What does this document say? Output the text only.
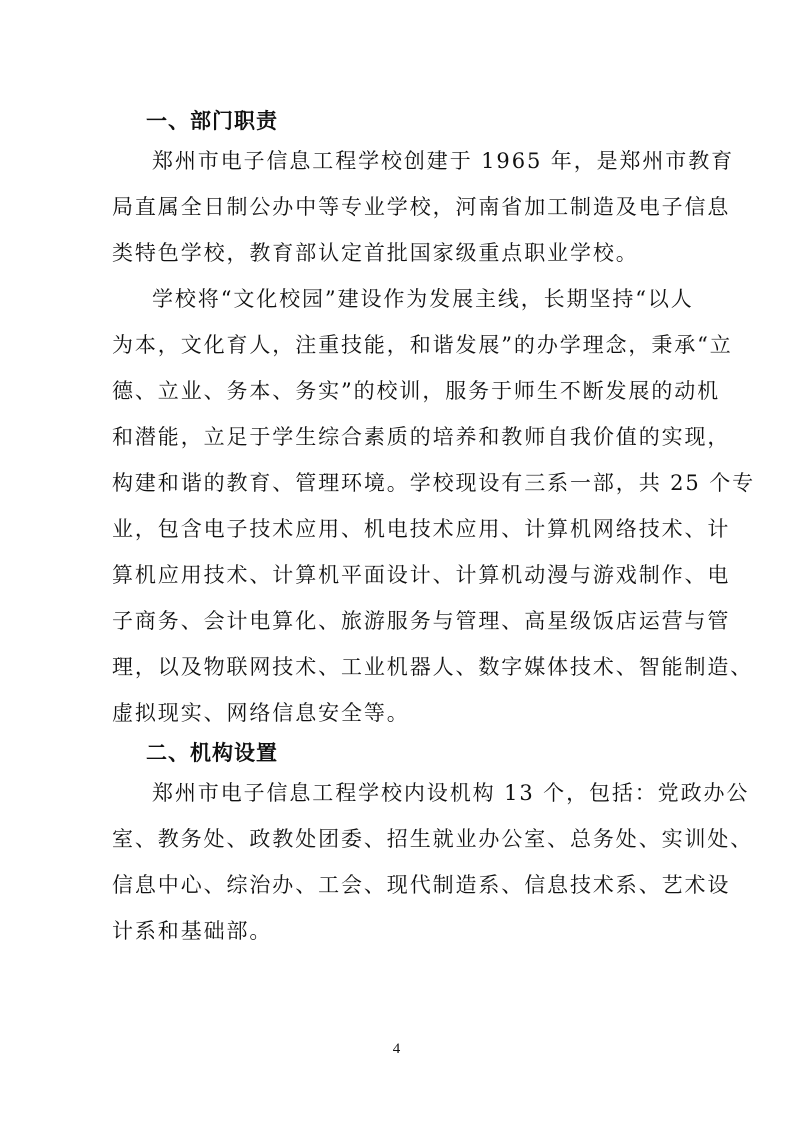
一、部门职责
郑州市电子信息工程学校创建于 1965 年，是郑州市教育
局直属全日制公办中等专业学校，河南省加工制造及电子信息
类特色学校，教育部认定首批国家级重点职业学校。
学校将“文化校园”建设作为发展主线，长期坚持“以人
为本，文化育人，注重技能，和谐发展”的办学理念，秉承“立
德、立业、务本、务实”的校训，服务于师生不断发展的动机
和潜能，立足于学生综合素质的培养和教师自我价值的实现，
构建和谐的教育、管理环境。学校现设有三系一部，共 25 个专
业，包含电子技术应用、机电技术应用、计算机网络技术、计
算机应用技术、计算机平面设计、计算机动漫与游戏制作、电
子商务、会计电算化、旅游服务与管理、高星级饭店运营与管
理，以及物联网技术、工业机器人、数字媒体技术、智能制造、
虚拟现实、网络信息安全等。
二、机构设置
郑州市电子信息工程学校内设机构 13 个，包括：党政办公
室、教务处、政教处团委、招生就业办公室、总务处、实训处、
信息中心、综治办、工会、现代制造系、信息技术系、艺术设
计系和基础部。
4
